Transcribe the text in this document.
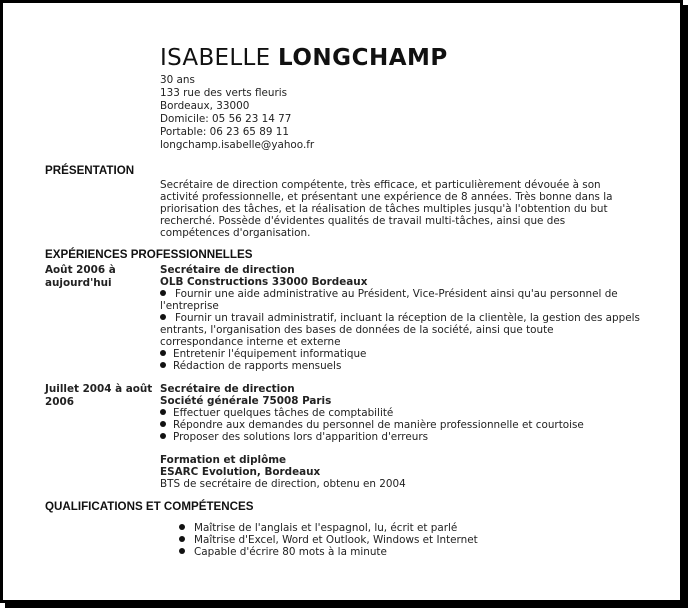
ISABELLE LONGCHAMP
30 ans
133 rue des verts fleuris
Bordeaux, 33000
Domicile: 05 56 23 14 77
Portable: 06 23 65 89 11
longchamp.isabelle@yahoo.fr
PRÉSENTATION
Secrétaire de direction compétente, très efficace, et particulièrement dévouée à son
activité professionnelle, et présentant une expérience de 8 années. Très bonne dans la
priorisation des tâches, et la réalisation de tâches multiples jusqu'à l'obtention du but
recherché. Possède d'évidentes qualités de travail multi-tâches, ainsi que des
compétences d'organisation.
EXPÉRIENCES PROFESSIONNELLES
Août 2006 à
aujourd'hui
Secrétaire de direction
OLB Constructions 33000 Bordeaux
Fournir une aide administrative au Président, Vice-Président ainsi qu'au personnel de
l'entreprise
Fournir un travail administratif, incluant la réception de la clientèle, la gestion des appels
entrants, l'organisation des bases de données de la société, ainsi que toute
correspondance interne et externe
Entretenir l'équipement informatique
Rédaction de rapports mensuels
Juillet 2004 à août
2006
Secrétaire de direction
Société générale 75008 Paris
Effectuer quelques tâches de comptabilité
Répondre aux demandes du personnel de manière professionnelle et courtoise
Proposer des solutions lors d'apparition d'erreurs
Formation et diplôme
ESARC Evolution, Bordeaux
BTS de secrétaire de direction, obtenu en 2004
QUALIFICATIONS ET COMPÉTENCES
Maîtrise de l'anglais et l'espagnol, lu, écrit et parlé
Maîtrise d'Excel, Word et Outlook, Windows et Internet
Capable d'écrire 80 mots à la minute
